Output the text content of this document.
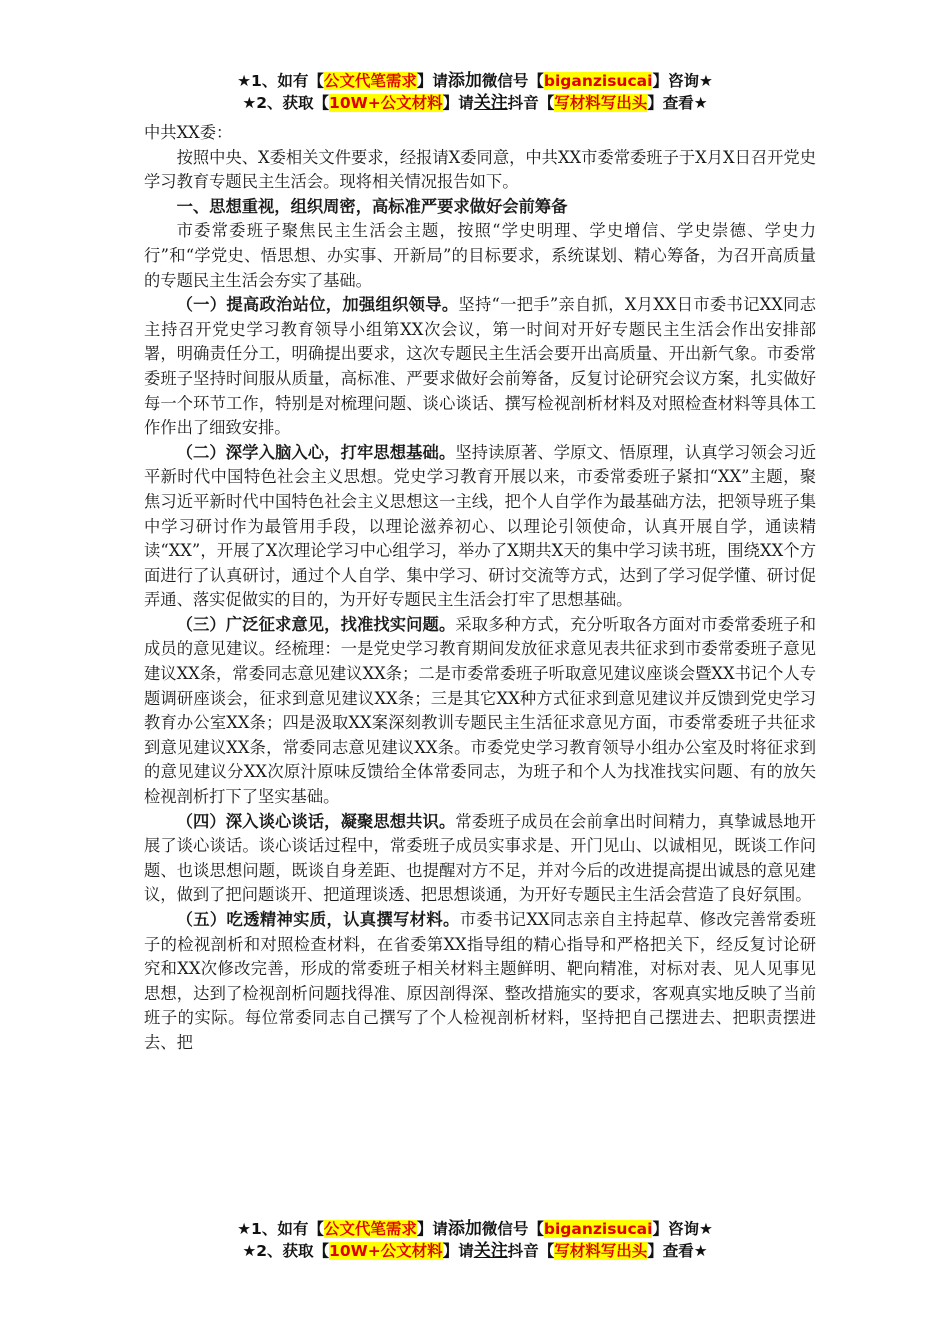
★1、如有【公文代笔需求】请添加微信号【biganzisucai】咨询★
★2、获取【10W+公文材料】请关注抖音【写材料写出头】查看★

中共XX委：

按照中央、X委相关文件要求，经报请X委同意，中共XX市委常委班子于X月X日召开党史学习教育专题民主生活会。现将相关情况报告如下。

一、思想重视，组织周密，高标准严要求做好会前筹备

市委常委班子聚焦民主生活会主题，按照“学史明理、学史增信、学史崇德、学史力行”和“学党史、悟思想、办实事、开新局”的目标要求，系统谋划、精心筹备，为召开高质量的专题民主生活会夯实了基础。

（一）提高政治站位，加强组织领导。坚持“一把手”亲自抓，X月XX日市委书记XX同志主持召开党史学习教育领导小组第XX次会议，第一时间对开好专题民主生活会作出安排部署，明确责任分工，明确提出要求，这次专题民主生活会要开出高质量、开出新气象。市委常委班子坚持时间服从质量，高标准、严要求做好会前筹备，反复讨论研究会议方案，扎实做好每一个环节工作，特别是对梳理问题、谈心谈话、撰写检视剖析材料及对照检查材料等具体工作作出了细致安排。

（二）深学入脑入心，打牢思想基础。坚持读原著、学原文、悟原理，认真学习领会习近平新时代中国特色社会主义思想。党史学习教育开展以来，市委常委班子紧扣“XX”主题，聚焦习近平新时代中国特色社会主义思想这一主线，把个人自学作为最基础方法，把领导班子集中学习研讨作为最管用手段，以理论滋养初心、以理论引领使命，认真开展自学，通读精读“XX”，开展了X次理论学习中心组学习，举办了X期共X天的集中学习读书班，围绕XX个方面进行了认真研讨，通过个人自学、集中学习、研讨交流等方式，达到了学习促学懂、研讨促弄通、落实促做实的目的，为开好专题民主生活会打牢了思想基础。

（三）广泛征求意见，找准找实问题。采取多种方式，充分听取各方面对市委常委班子和成员的意见建议。经梳理：一是党史学习教育期间发放征求意见表共征求到市委常委班子意见建议XX条，常委同志意见建议XX条；二是市委常委班子听取意见建议座谈会暨XX书记个人专题调研座谈会，征求到意见建议XX条；三是其它XX种方式征求到意见建议并反馈到党史学习教育办公室XX条；四是汲取XX案深刻教训专题民主生活征求意见方面，市委常委班子共征求到意见建议XX条，常委同志意见建议XX条。市委党史学习教育领导小组办公室及时将征求到的意见建议分XX次原汁原味反馈给全体常委同志，为班子和个人为找准找实问题、有的放矢检视剖析打下了坚实基础。

（四）深入谈心谈话，凝聚思想共识。常委班子成员在会前拿出时间精力，真挚诚恳地开展了谈心谈话。谈心谈话过程中，常委班子成员实事求是、开门见山、以诚相见，既谈工作问题、也谈思想问题，既谈自身差距、也提醒对方不足，并对今后的改进提高提出诚恳的意见建议，做到了把问题谈开、把道理谈透、把思想谈通，为开好专题民主生活会营造了良好氛围。

（五）吃透精神实质，认真撰写材料。市委书记XX同志亲自主持起草、修改完善常委班子的检视剖析和对照检查材料，在省委第XX指导组的精心指导和严格把关下，经反复讨论研究和XX次修改完善，形成的常委班子相关材料主题鲜明、靶向精准，对标对表、见人见事见思想，达到了检视剖析问题找得准、原因剖得深、整改措施实的要求，客观真实地反映了当前班子的实际。每位常委同志自己撰写了个人检视剖析材料，坚持把自己摆进去、把职责摆进去、把

★1、如有【公文代笔需求】请添加微信号【biganzisucai】咨询★
★2、获取【10W+公文材料】请关注抖音【写材料写出头】查看★
